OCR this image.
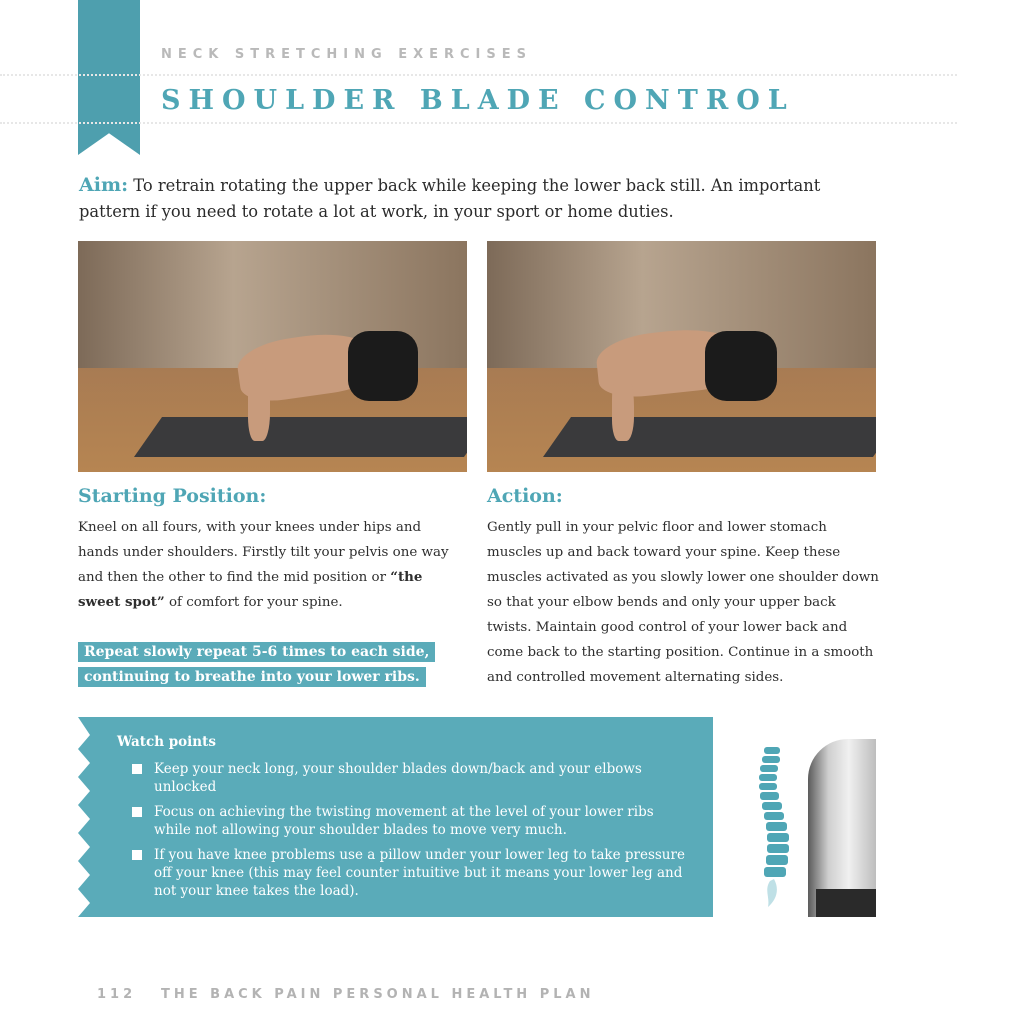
NECK STRETCHING EXERCISES
SHOULDER BLADE CONTROL
Aim: To retrain rotating the upper back while keeping the lower back still. An important pattern if you need to rotate a lot at work, in your sport or home duties.
Starting Position:
Kneel on all fours, with your knees under hips and hands under shoulders. Firstly tilt your pelvis one way and then the other to find the mid position or “the sweet spot” of comfort for your spine.
Repeat slowly repeat 5-6 times to each side, continuing to breathe into your lower ribs.
Action:
Gently pull in your pelvic floor and lower stomach muscles up and back toward your spine. Keep these muscles activated as you slowly lower one shoulder down so that your elbow bends and only your upper back twists. Maintain good control of your lower back and come back to the starting position. Continue in a smooth and controlled movement alternating sides.
Watch points
Keep your neck long, your shoulder blades down/back and your elbows unlocked
Focus on achieving the twisting movement at the level of your lower ribs while not allowing your shoulder blades to move very much.
If you have knee problems use a pillow under your lower leg to take pressure off your knee (this may feel counter intuitive but it means your lower leg and not your knee takes the load).
112 THE BACK PAIN PERSONAL HEALTH PLAN
